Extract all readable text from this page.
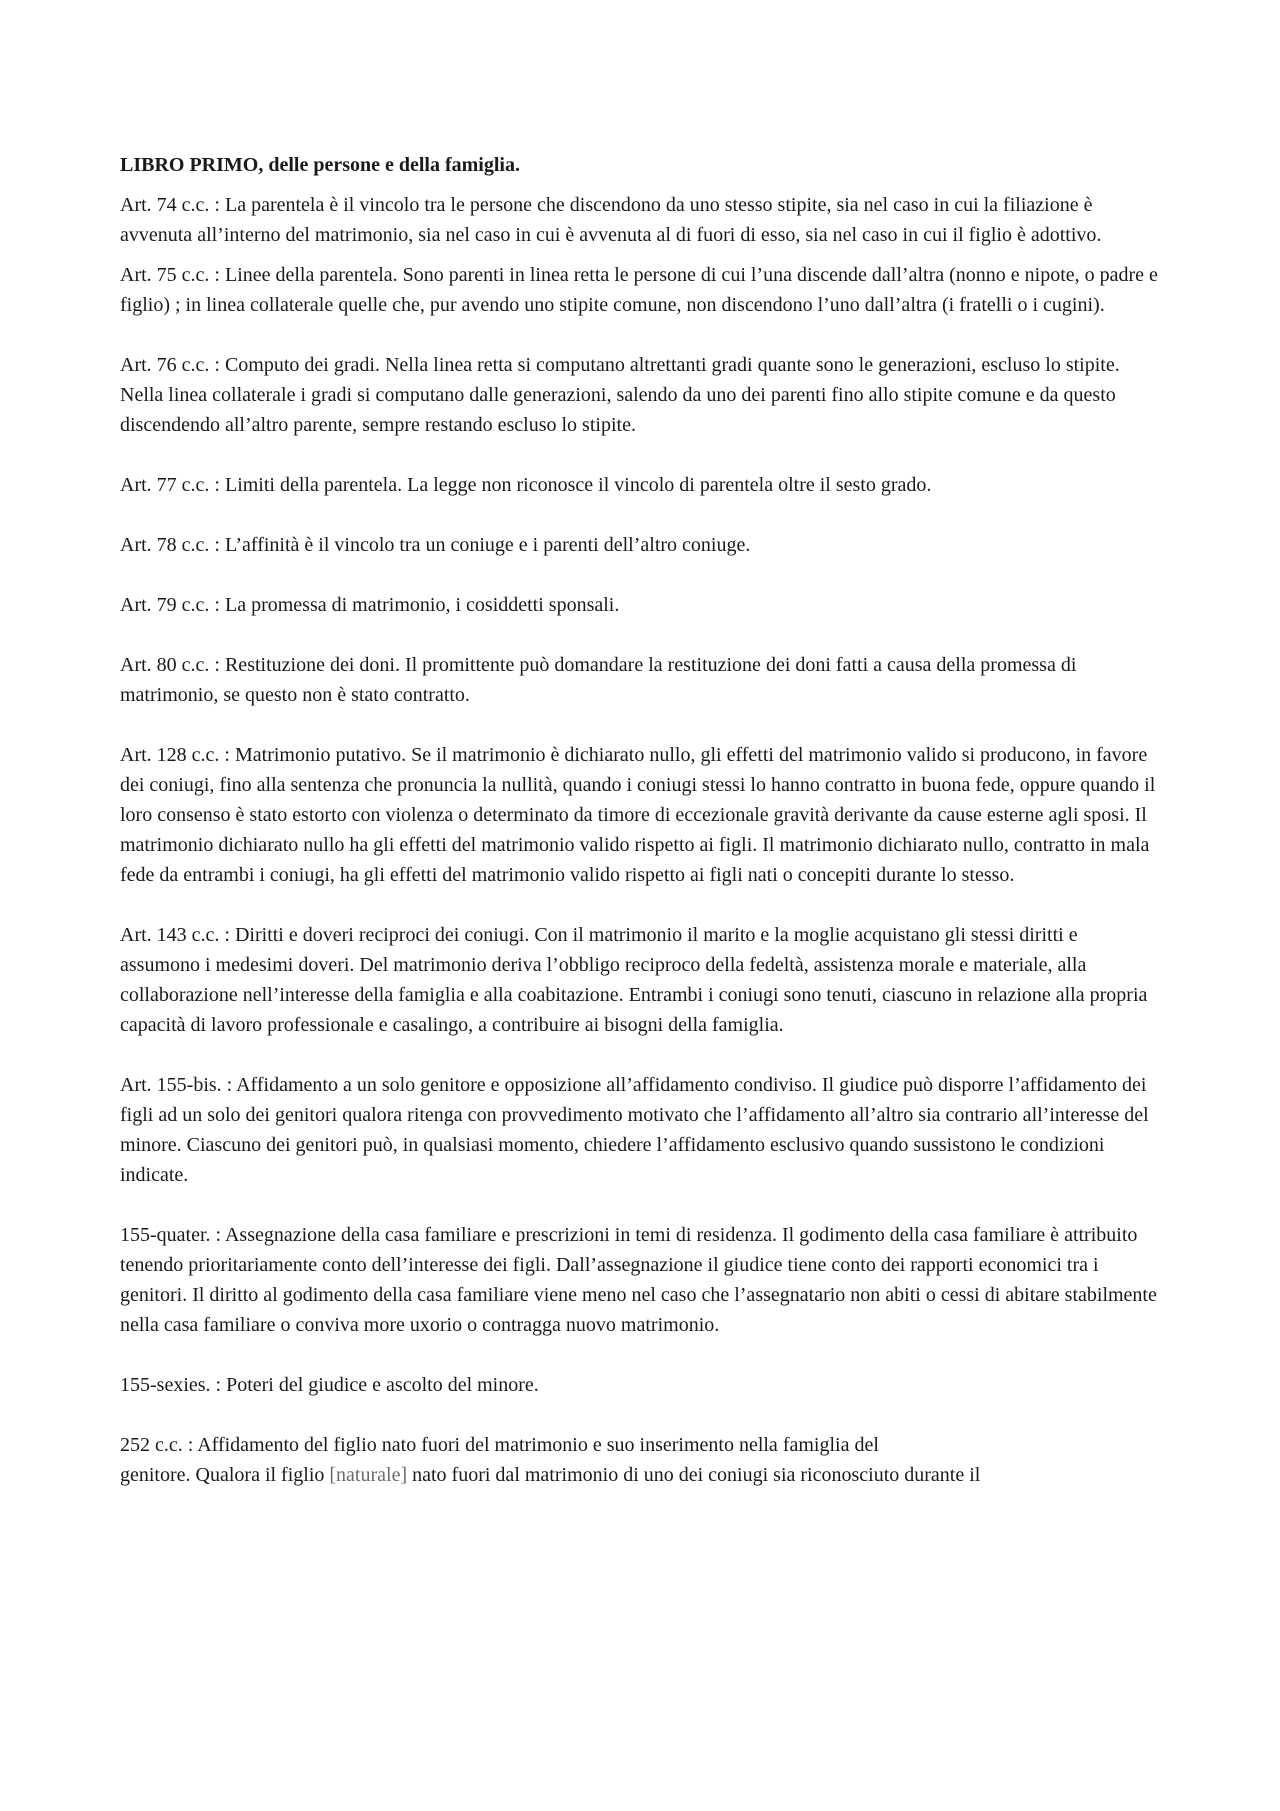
LIBRO PRIMO, delle persone e della famiglia.

Art. 74 c.c. : La parentela è il vincolo tra le persone che discendono da uno stesso stipite, sia nel caso in cui la filiazione è avvenuta all’interno del matrimonio, sia nel caso in cui è avvenuta al di fuori di esso, sia nel caso in cui il figlio è adottivo.

Art. 75 c.c. : Linee della parentela. Sono parenti in linea retta le persone di cui l’una discende dall’altra (nonno e nipote, o padre e figlio) ; in linea collaterale quelle che, pur avendo uno stipite comune, non discendono l’uno dall’altra (i fratelli o i cugini).

Art. 76 c.c. : Computo dei gradi. Nella linea retta si computano altrettanti gradi quante sono le generazioni, escluso lo stipite. Nella linea collaterale i gradi si computano dalle generazioni, salendo da uno dei parenti fino allo stipite comune e da questo discendendo all’altro parente, sempre restando escluso lo stipite.

Art. 77 c.c. : Limiti della parentela. La legge non riconosce il vincolo di parentela oltre il sesto grado.

Art. 78 c.c. : L’affinità è il vincolo tra un coniuge e i parenti dell’altro coniuge.

Art. 79 c.c. : La promessa di matrimonio, i cosiddetti sponsali.

Art. 80 c.c. : Restituzione dei doni. Il promittente può domandare la restituzione dei doni fatti a causa della promessa di matrimonio, se questo non è stato contratto.

Art. 128 c.c. : Matrimonio putativo. Se il matrimonio è dichiarato nullo, gli effetti del matrimonio valido si producono, in favore dei coniugi, fino alla sentenza che pronuncia la nullità, quando i coniugi stessi lo hanno contratto in buona fede, oppure quando il loro consenso è stato estorto con violenza o determinato da timore di eccezionale gravità derivante da cause esterne agli sposi. Il matrimonio dichiarato nullo ha gli effetti del matrimonio valido rispetto ai figli. Il matrimonio dichiarato nullo, contratto in mala fede da entrambi i coniugi, ha gli effetti del matrimonio valido rispetto ai figli nati o concepiti durante lo stesso.

Art. 143 c.c. : Diritti e doveri reciproci dei coniugi. Con il matrimonio il marito e la moglie acquistano gli stessi diritti e assumono i medesimi doveri. Del matrimonio deriva l’obbligo reciproco della fedeltà, assistenza morale e materiale, alla collaborazione nell’interesse della famiglia e alla coabitazione. Entrambi i coniugi sono tenuti, ciascuno in relazione alla propria capacità di lavoro professionale e casalingo, a contribuire ai bisogni della famiglia.

Art. 155-bis. : Affidamento a un solo genitore e opposizione all’affidamento condiviso. Il giudice può disporre l’affidamento dei figli ad un solo dei genitori qualora ritenga con provvedimento motivato che l’affidamento all’altro sia contrario all’interesse del minore. Ciascuno dei genitori può, in qualsiasi momento, chiedere l’affidamento esclusivo quando sussistono le condizioni indicate.

155-quater. : Assegnazione della casa familiare e prescrizioni in temi di residenza. Il godimento della casa familiare è attribuito tenendo prioritariamente conto dell’interesse dei figli. Dall’assegnazione il giudice tiene conto dei rapporti economici tra i genitori. Il diritto al godimento della casa familiare viene meno nel caso che l’assegnatario non abiti o cessi di abitare stabilmente nella casa familiare o conviva more uxorio o contragga nuovo matrimonio.

155-sexies. : Poteri del giudice e ascolto del minore.

252 c.c. : Affidamento del figlio nato fuori del matrimonio e suo inserimento nella famiglia del
genitore. Qualora il figlio [naturale] nato fuori dal matrimonio di uno dei coniugi sia riconosciuto durante il
